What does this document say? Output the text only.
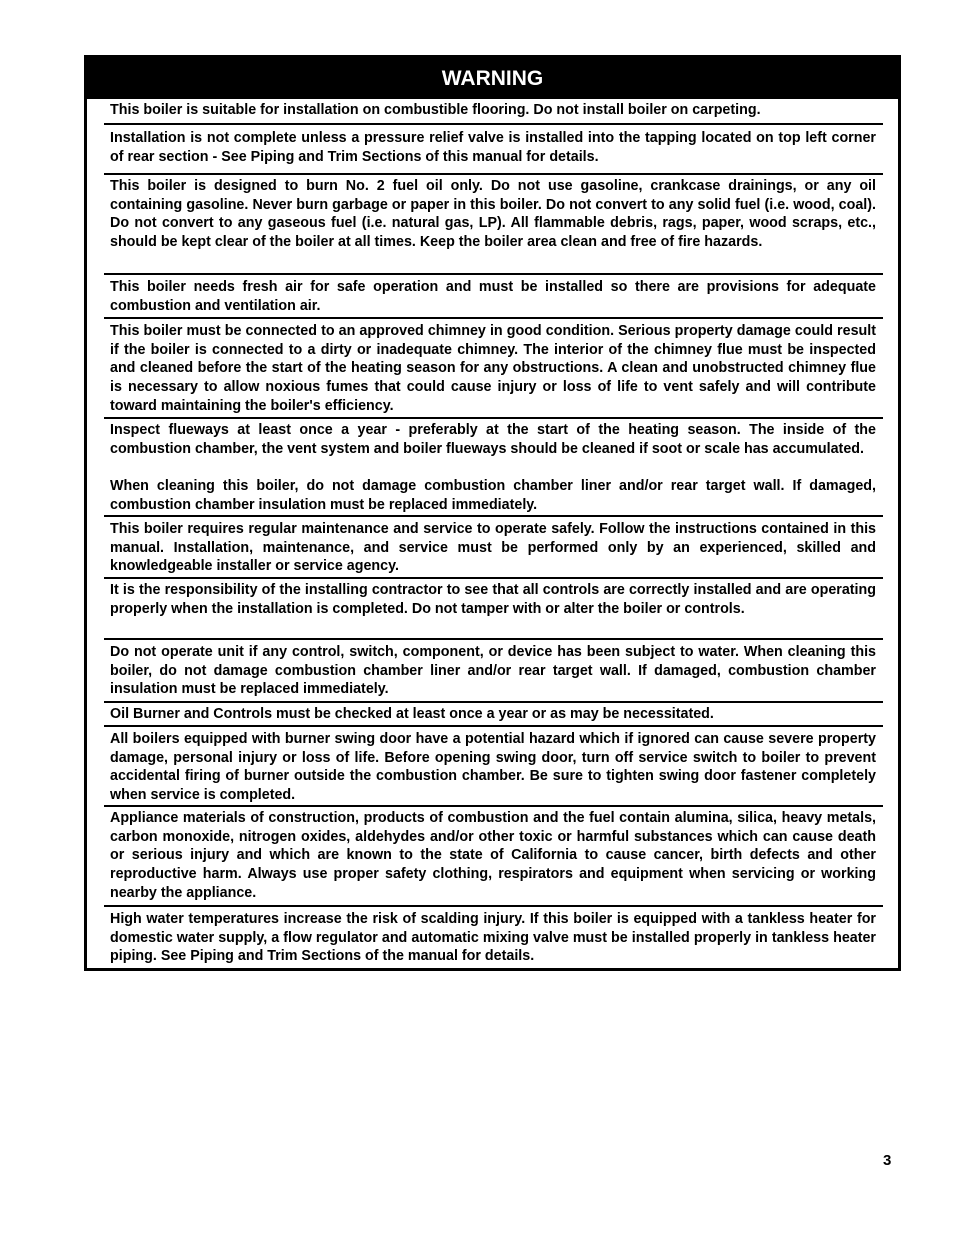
WARNING
This boiler is suitable for installation on combustible flooring. Do not install boiler on carpeting.
Installation is not complete unless a pressure relief valve is installed into the tapping located on top left corner of rear section - See Piping and Trim Sections of this manual for details.
This boiler is designed to burn No. 2 fuel oil only. Do not use gasoline, crankcase drainings, or any oil containing gasoline. Never burn garbage or paper in this boiler. Do not convert to any solid fuel (i.e. wood, coal). Do not convert to any gaseous fuel (i.e. natural gas, LP). All flammable debris, rags, paper, wood scraps, etc., should be kept clear of the boiler at all times. Keep the boiler area clean and free of fire hazards.
This boiler needs fresh air for safe operation and must be installed so there are provisions for adequate combustion and ventilation air.
This boiler must be connected to an approved chimney in good condition. Serious property damage could result if the boiler is connected to a dirty or inadequate chimney. The interior of the chimney flue must be inspected and cleaned before the start of the heating season for any obstructions. A clean and unobstructed chimney flue is necessary to allow noxious fumes that could cause injury or loss of life to vent safely and will contribute toward maintaining the boiler's efficiency.
Inspect flueways at least once a year - preferably at the start of the heating season. The inside of the combustion chamber, the vent system and boiler flueways should be cleaned if soot or scale has accumulated.
When cleaning this boiler, do not damage combustion chamber liner and/or rear target wall. If damaged, combustion chamber insulation must be replaced immediately.
This boiler requires regular maintenance and service to operate safely. Follow the instructions contained in this manual. Installation, maintenance, and service must be performed only by an experienced, skilled and knowledgeable installer or service agency.
It is the responsibility of the installing contractor to see that all controls are correctly installed and are operating properly when the installation is completed. Do not tamper with or alter the boiler or controls.
Do not operate unit if any control, switch, component, or device has been subject to water. When cleaning this boiler, do not damage combustion chamber liner and/or rear target wall. If damaged, combustion chamber insulation must be replaced immediately.
Oil Burner and Controls must be checked at least once a year or as may be necessitated.
All boilers equipped with burner swing door have a potential hazard which if ignored can cause severe property damage, personal injury or loss of life. Before opening swing door, turn off service switch to boiler to prevent accidental firing of burner outside the combustion chamber. Be sure to tighten swing door fastener completely when service is completed.
Appliance materials of construction, products of combustion and the fuel contain alumina, silica, heavy metals, carbon monoxide, nitrogen oxides, aldehydes and/or other toxic or harmful substances which can cause death or serious injury and which are known to the state of California to cause cancer, birth defects and other reproductive harm. Always use proper safety clothing, respirators and equipment when servicing or working nearby the appliance.
High water temperatures increase the risk of scalding injury. If this boiler is equipped with a tankless heater for domestic water supply, a flow regulator and automatic mixing valve must be installed properly in tankless heater piping. See Piping and Trim Sections of the manual for details.
3
